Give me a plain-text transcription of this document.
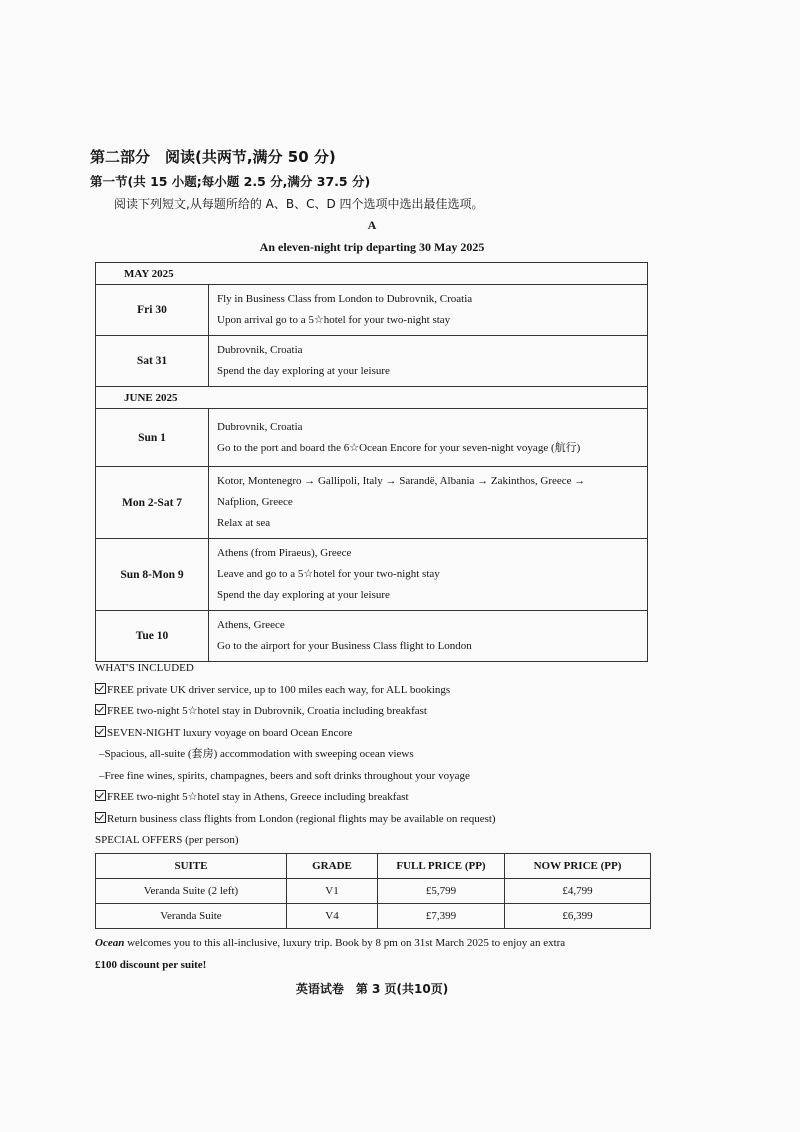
第二部分　阅读(共两节,满分 50 分)
第一节(共 15 小题;每小题 2.5 分,满分 37.5 分)
阅读下列短文,从每题所给的 A、B、C、D 四个选项中选出最佳选项。
A
An eleven-night trip departing 30 May 2025
MAY 2025	
Fri 30	Fly in Business Class from London to Dubrovnik, Croatia
Upon arrival go to a 5☆hotel for your two-night stay

Sat 31	Dubrovnik, Croatia
Spend the day exploring at your leisure

JUNE 2025	
Sun 1	Dubrovnik, Croatia
Go to the port and board the 6☆Ocean Encore for your seven-night voyage (航行)

Mon 2-Sat 7	Kotor, Montenegro → Gallipoli, Italy → Sarandë, Albania → Zakinthos, Greece →
Nafplion, Greece
Relax at sea

Sun 8-Mon 9	Athens (from Piraeus), Greece
Leave and go to a 5☆hotel for your two-night stay
Spend the day exploring at your leisure

Tue 10	Athens, Greece
Go to the airport for your Business Class flight to London
WHAT'S INCLUDED
FREE private UK driver service, up to 100 miles each way, for ALL bookings
FREE two-night 5☆hotel stay in Dubrovnik, Croatia including breakfast
SEVEN-NIGHT luxury voyage on board Ocean Encore
–Spacious, all-suite (套房) accommodation with sweeping ocean views
–Free fine wines, spirits, champagnes, beers and soft drinks throughout your voyage
FREE two-night 5☆hotel stay in Athens, Greece including breakfast
Return business class flights from London (regional flights may be available on request)
SPECIAL OFFERS (per person)
SUITE	GRADE	FULL PRICE (PP)	NOW PRICE (PP)
Veranda Suite (2 left)	V1	£5,799	£4,799
Veranda Suite	V4	£7,399	£6,399
Ocean welcomes you to this all-inclusive, luxury trip. Book by 8 pm on 31st March 2025 to enjoy an extra
£100 discount per suite!
英语试卷　第 3 页(共10页)
